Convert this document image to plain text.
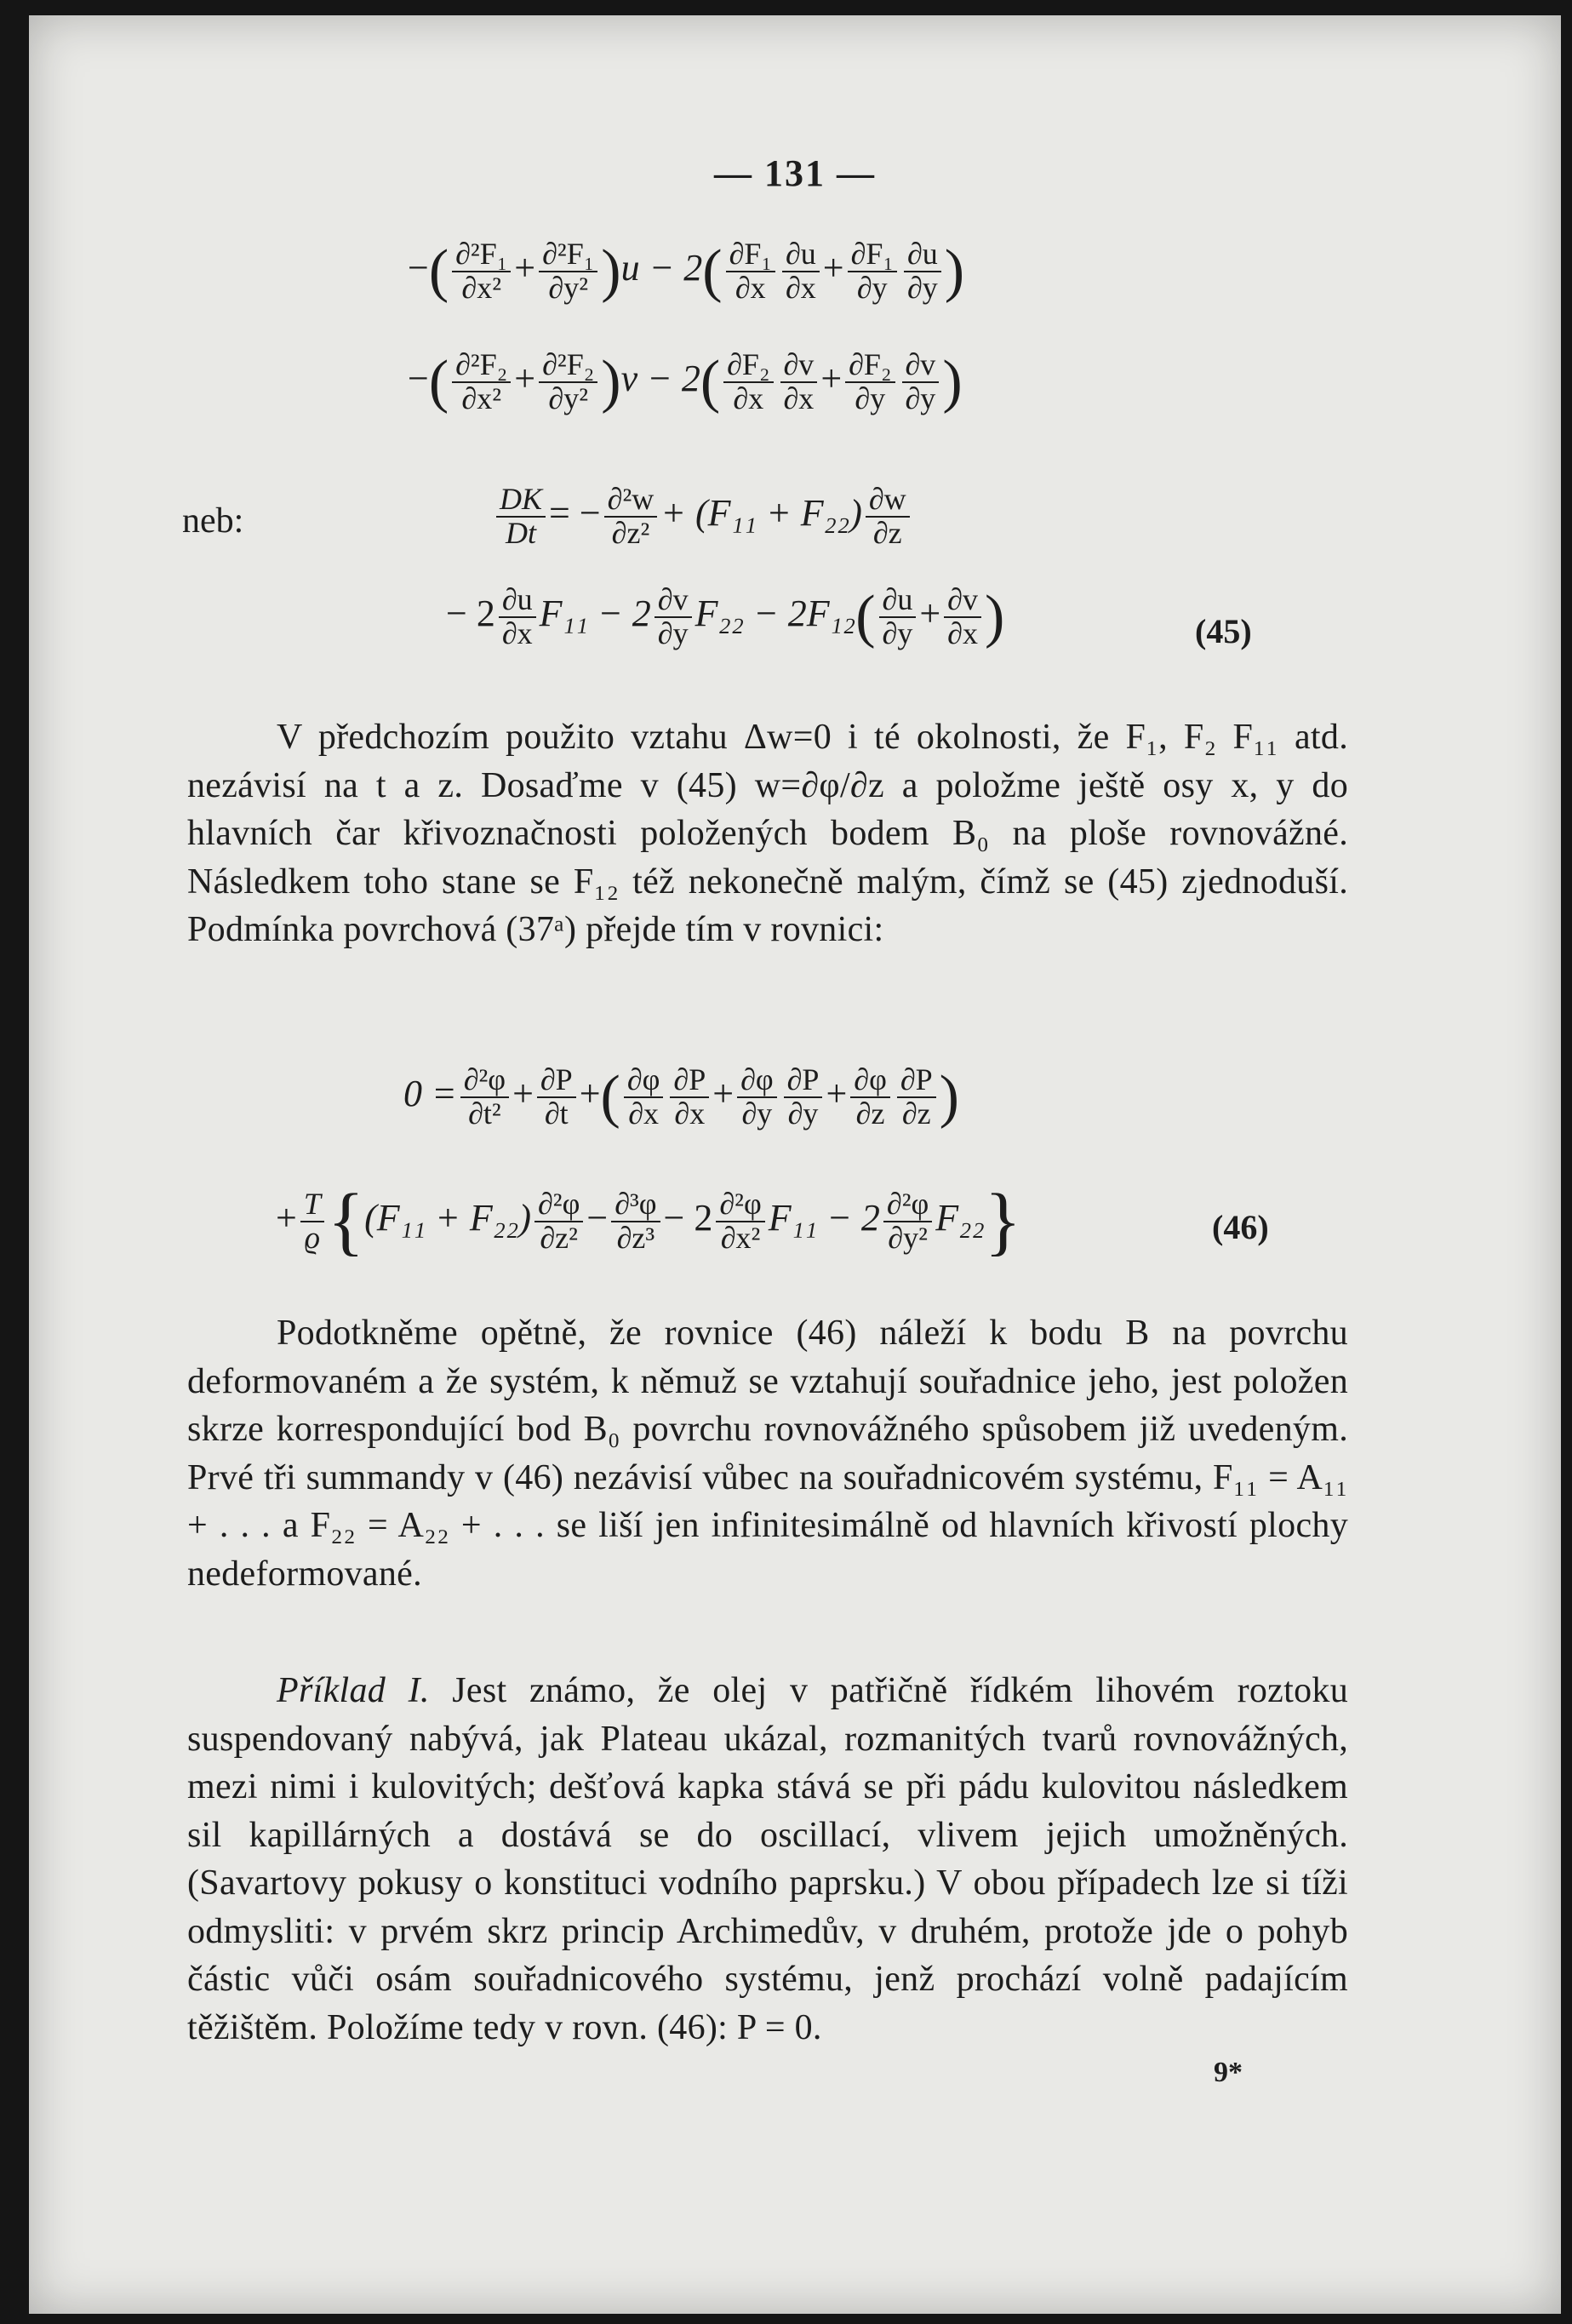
— 131 —
−( $\frac{\text{∂²F₁}}{\text{∂x²}} + \frac{\text{∂²F₁}}{\text{∂y²}} )u - 2( \frac{\text{∂F₁}}{\partial x} \frac{\partial u}{\partial x} + \frac{\text{∂F₁}}{\partial y} \frac{\partial u}{\partial y}$ )
−( $\frac{\text{∂²F₂}}{\text{∂x²}} + \frac{\text{∂²F₂}}{\text{∂y²}} )v - 2( \frac{\text{∂F₂}}{\partial x} \frac{\partial v}{\partial x} + \frac{\text{∂F₂}}{\partial y} \frac{\partial v}{\partial y}$ )
neb:	$\frac{DK}{Dt}$ = − $\frac{\text{∂²w}}{\text{∂z²}} + (F_{11} + F_{22}) \frac{\partial w}{\partial z}$
− $2 \frac{\partial u}{\partial x} F_{11} - 2 \frac{\partial v}{\partial y} F_{22} - 2F_{12}( \frac{\partial u}{\partial y} + \frac{\partial v}{\partial x}$ )	(45)
V předchozím použito vztahu Δw=0 i té okolnosti, že F₁, F₂ F₁₁ atd. nezávisí na t a z. Dosaďme v (45) w=∂φ/∂z a položme ještě osy x, y do hlavních čar křivoznačnosti položených bodem B₀ na ploše rovnovážné. Následkem toho stane se F₁₂ též nekonečně malým, čímž se (45) zjednoduší. Podmínka povrchová (37ᵃ) přejde tím v rovnici:
$0 = \frac{\text{∂²φ}}{\text{∂t²}} + \frac{\partial P}{\partial t}$ +( $\frac{\partial\varphi}{\partial x} \frac{\partial P}{\partial x} + \frac{\partial\varphi}{\partial y} \frac{\partial P}{\partial y} + \frac{\partial\varphi}{\partial z} \frac{\partial P}{\partial z}$ )
+ $\frac{T}{ϱ} \{(F_{11} + F_{22}) \frac{\text{∂²φ}}{\text{∂z²}} - \frac{\text{∂³φ}}{\text{∂z³}} - 2 \frac{\text{∂²φ}}{\text{∂x²}} F_{11} - 2 \frac{\text{∂²φ}}{\text{∂y²}} F_{22}\}$	(46)
Podotkněme opětně, že rovnice (46) náleží k bodu B na povrchu deformovaném a že systém, k němuž se vztahují souřadnice jeho, jest položen skrze korrespondující bod B₀ povrchu rovnovážného spůsobem již uvedeným. Prvé tři summandy v (46) nezávisí vůbec na souřadnicovém systému, F₁₁ = A₁₁ + . . . a F₂₂ = A₂₂ + . . . se liší jen infinitesimálně od hlavních křivostí plochy nedeformované.
Příklad I. Jest známo, že olej v patřičně řídkém lihovém roztoku suspendovaný nabývá, jak Plateau ukázal, rozmanitých tvarů rovnovážných, mezi nimi i kulovitých; dešťová kapka stává se při pádu kulovitou následkem sil kapillárných a dostává se do oscillací, vlivem jejich umožněných. (Savartovy pokusy o konstituci vodního paprsku.) V obou případech lze si tíži odmysliti: v prvém skrz princip Archimedův, v druhém, protože jde o pohyb částic vůči osám souřadnicového systému, jenž prochází volně padajícím těžištěm. Položíme tedy v rovn. (46): P = 0.
9*
